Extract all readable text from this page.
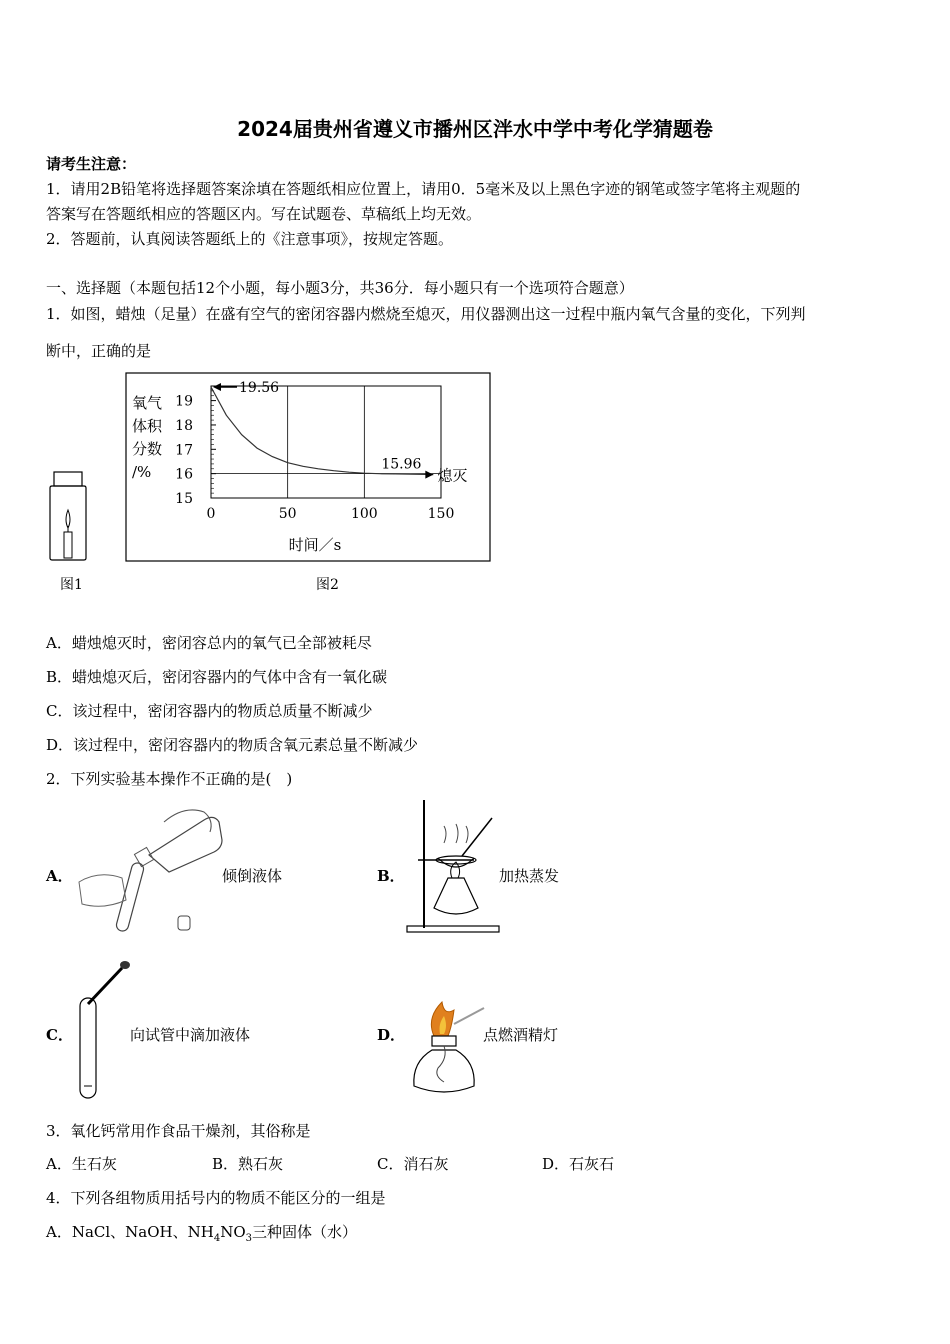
2024届贵州省遵义市播州区泮水中学中考化学猜题卷
请考生注意：
1．请用2B铅笔将选择题答案涂填在答题纸相应位置上，请用0．5毫米及以上黑色字迹的钢笔或签字笔将主观题的
答案写在答题纸相应的答题区内。写在试题卷、草稿纸上均无效。
2．答题前，认真阅读答题纸上的《注意事项》，按规定答题。
一、选择题（本题包括12个小题，每小题3分，共36分．每小题只有一个选项符合题意）
1．如图，蜡烛（足量）在盛有空气的密闭容器内燃烧至熄灭，用仪器测出这一过程中瓶内氧气含量的变化，下列判
断中，正确的是
图1
0	50	100	150
15
16
17
18
19
氧气
体积
分数
/%
时间／s
19.56
15.96
熄灭
图2
A．蜡烛熄灭时，密闭容总内的氧气已全部被耗尽
B．蜡烛熄灭后，密闭容器内的气体中含有一氧化碳
C．该过程中，密闭容器内的物质总质量不断减少
D．该过程中，密闭容器内的物质含氧元素总量不断减少
2．下列实验基本操作不正确的是(　)
A．	倾倒液体	B．	加热蒸发
C．	向试管中滴加液体	D．	点燃酒精灯
3．氧化钙常用作食品干燥剂，其俗称是
A．生石灰	B．熟石灰	C．消石灰	D．石灰石
4．下列各组物质用括号内的物质不能区分的一组是
A．NaCl、NaOH、$NH_4NO_3$三种固体（水）
